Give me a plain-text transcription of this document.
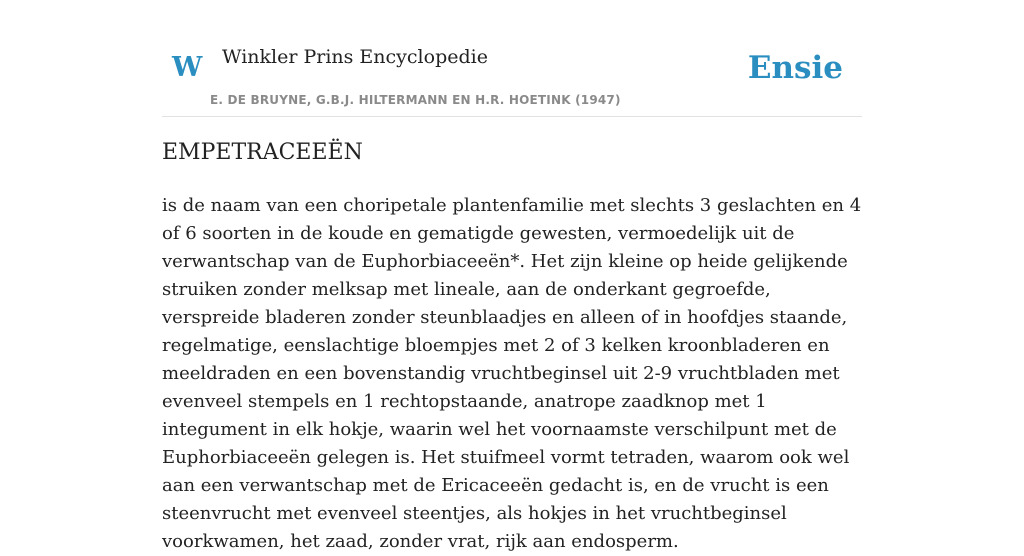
W Winkler Prins Encyclopedie
E. DE BRUYNE, G.B.J. HILTERMANN EN H.R. HOETINK (1947)
Ensie
EMPETRACEEËN

is de naam van een choripetale plantenfamilie met slechts 3 geslachten en 4 of 6 soorten in de koude en gematigde gewesten, vermoedelijk uit de verwantschap van de Euphorbiaceeën*. Het zijn kleine op heide gelijkende struiken zonder melksap met lineale, aan de onderkant gegroefde, verspreide bladeren zonder steunblaadjes en alleen of in hoofdjes staande, regelmatige, eenslachtige bloempjes met 2 of 3 kelken kroonbladeren en meeldraden en een bovenstandig vruchtbeginsel uit 2-9 vruchtbladen met evenveel stempels en 1 rechtopstaande, anatrope zaadknop met 1 integument in elk hokje, waarin wel het voornaamste verschilpunt met de Euphorbiaceeën gelegen is. Het stuifmeel vormt tetraden, waarom ook wel aan een verwantschap met de Ericaceeën gedacht is, en de vrucht is een steenvrucht met evenveel steentjes, als hokjes in het vruchtbeginsel voorkwamen, het zaad, zonder vrat, rijk aan endosperm.
